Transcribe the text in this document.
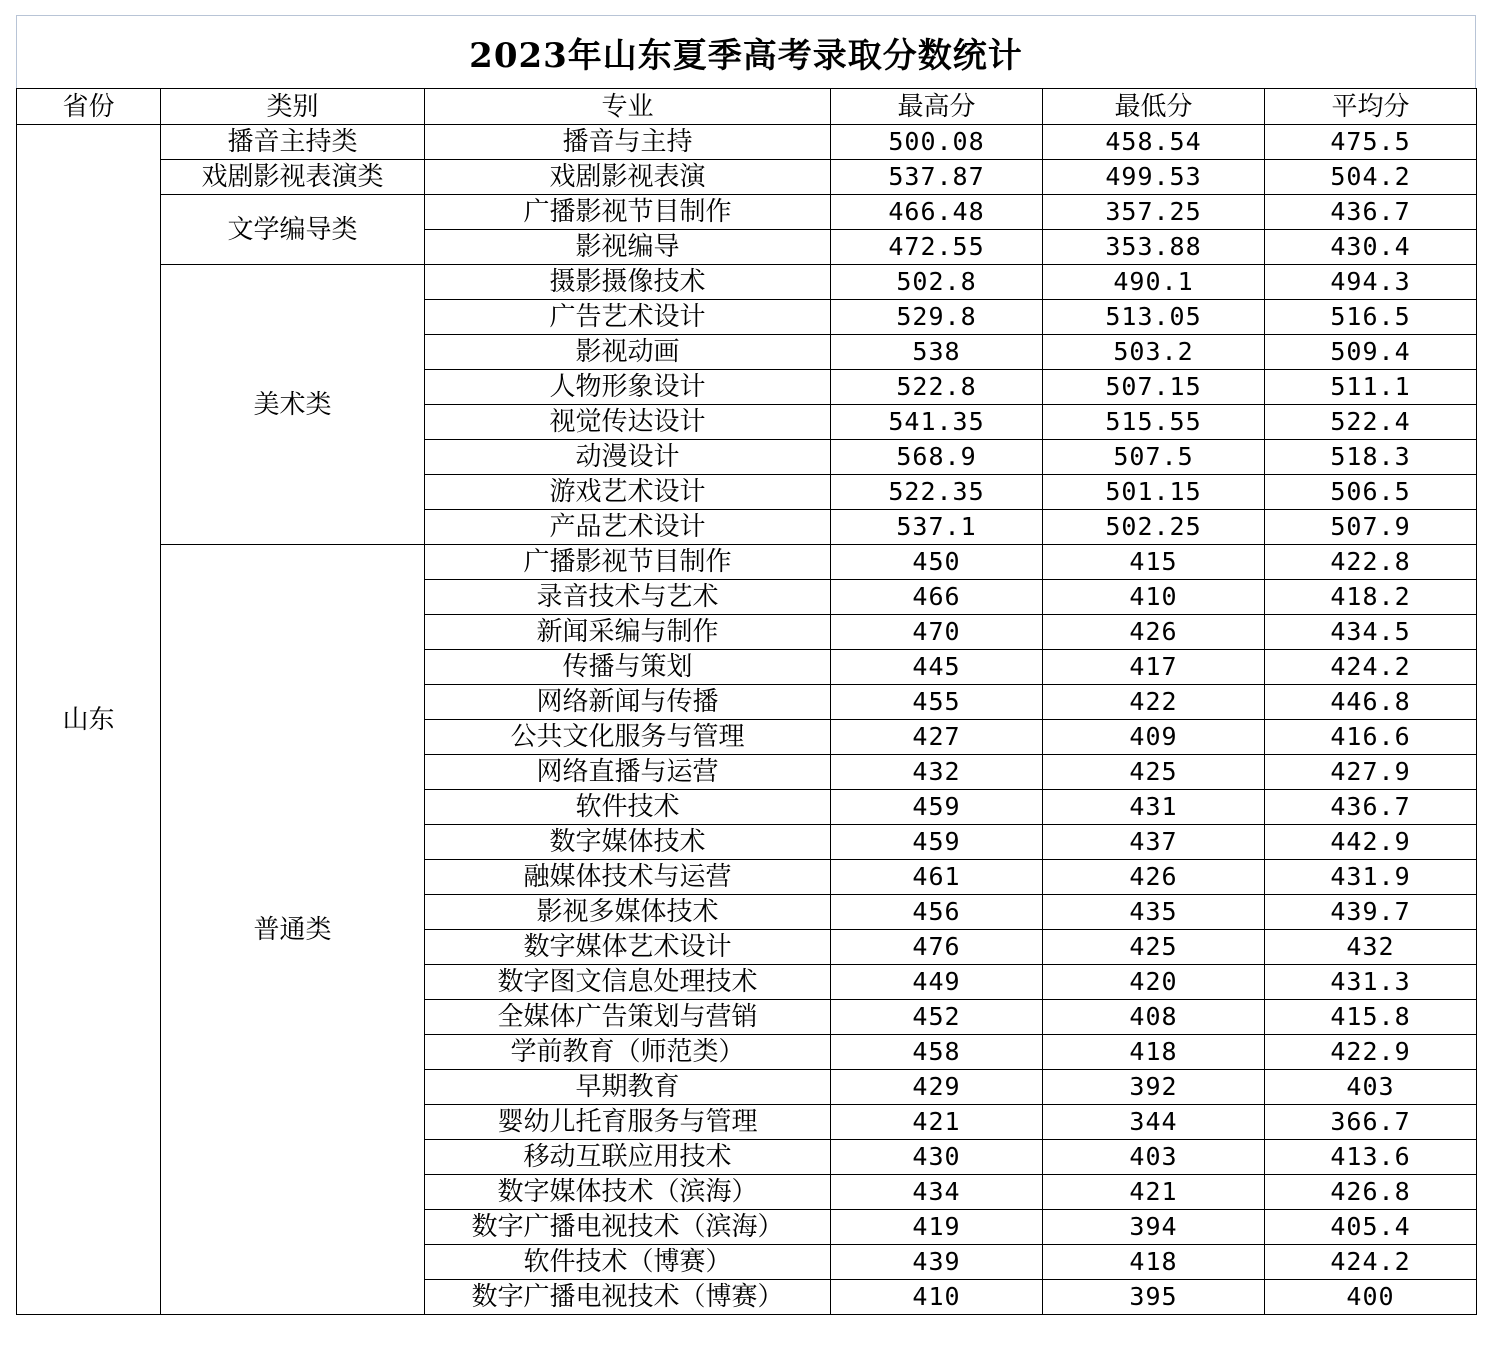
2023年山东夏季高考录取分数统计
省份	类别	专业	最高分	最低分	平均分
山东	播音主持类	播音与主持	500.08	458.54	475.5
	戏剧影视表演类	戏剧影视表演	537.87	499.53	504.2
	文学编导类	广播影视节目制作	466.48	357.25	436.7
		影视编导	472.55	353.88	430.4
	美术类	摄影摄像技术	502.8	490.1	494.3
		广告艺术设计	529.8	513.05	516.5
		影视动画	538	503.2	509.4
		人物形象设计	522.8	507.15	511.1
		视觉传达设计	541.35	515.55	522.4
		动漫设计	568.9	507.5	518.3
		游戏艺术设计	522.35	501.15	506.5
		产品艺术设计	537.1	502.25	507.9
	普通类	广播影视节目制作	450	415	422.8
		录音技术与艺术	466	410	418.2
		新闻采编与制作	470	426	434.5
		传播与策划	445	417	424.2
		网络新闻与传播	455	422	446.8
		公共文化服务与管理	427	409	416.6
		网络直播与运营	432	425	427.9
		软件技术	459	431	436.7
		数字媒体技术	459	437	442.9
		融媒体技术与运营	461	426	431.9
		影视多媒体技术	456	435	439.7
		数字媒体艺术设计	476	425	432
		数字图文信息处理技术	449	420	431.3
		全媒体广告策划与营销	452	408	415.8
		学前教育（师范类）	458	418	422.9
		早期教育	429	392	403
		婴幼儿托育服务与管理	421	344	366.7
		移动互联应用技术	430	403	413.6
		数字媒体技术（滨海）	434	421	426.8
		数字广播电视技术（滨海）	419	394	405.4
		软件技术（博赛）	439	418	424.2
		数字广播电视技术（博赛）	410	395	400
